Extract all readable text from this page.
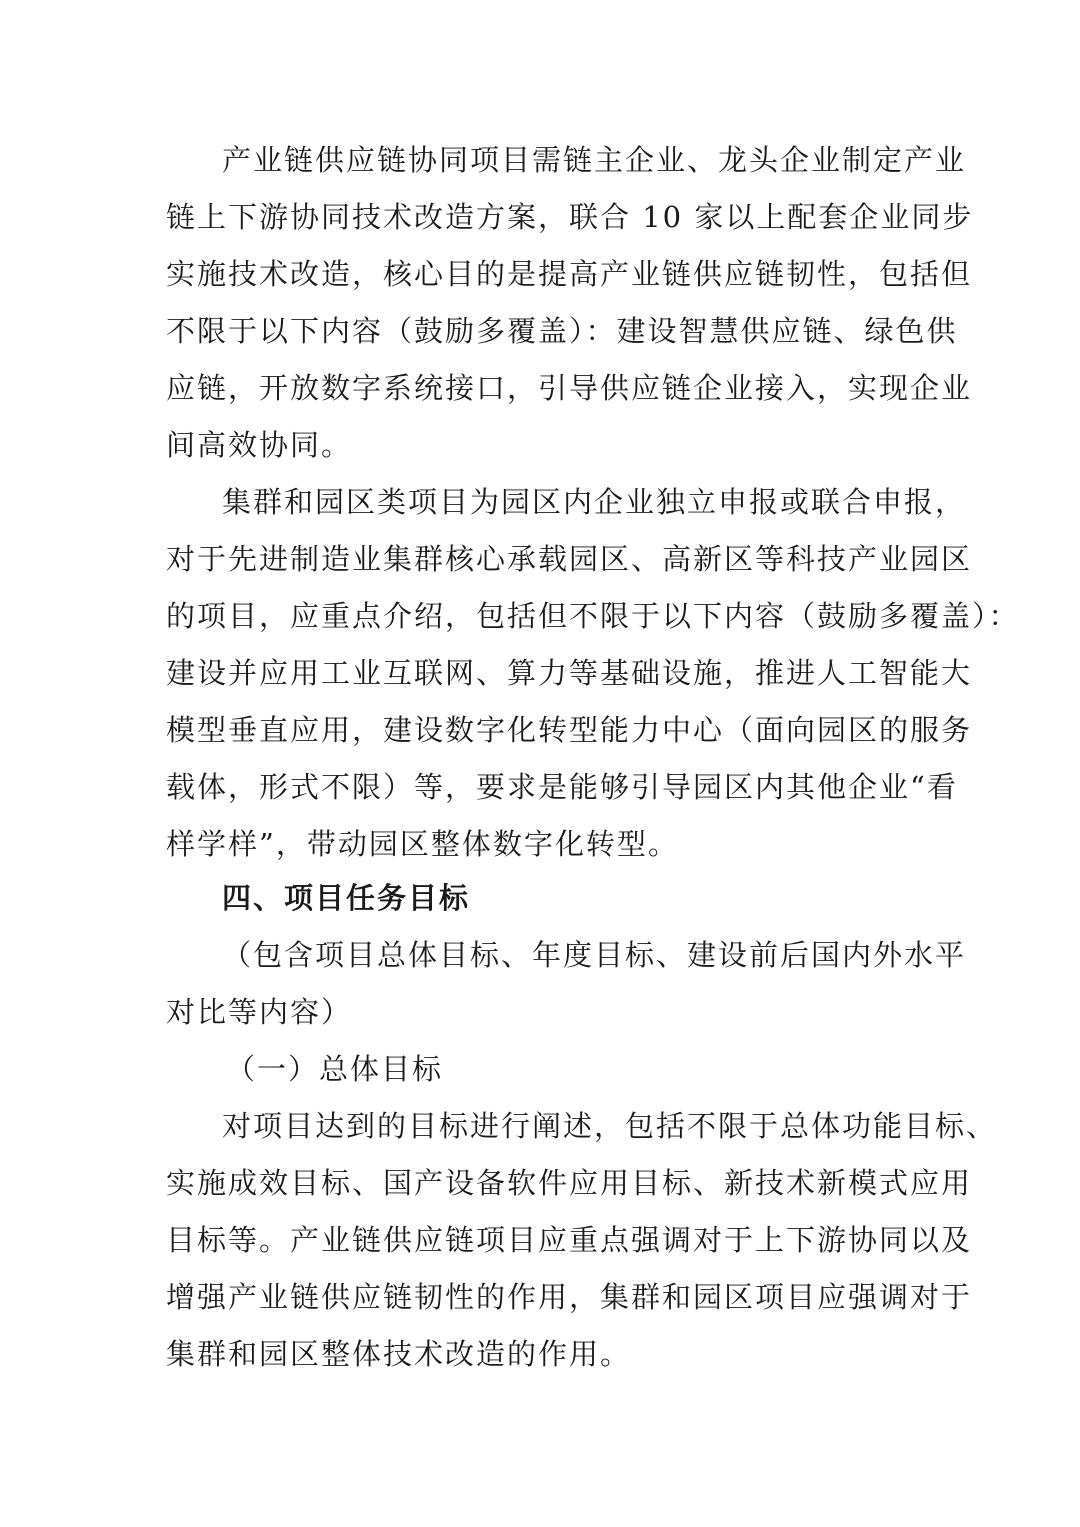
产业链供应链协同项目需链主企业、龙头企业制定产业
链上下游协同技术改造方案，联合 10 家以上配套企业同步
实施技术改造，核心目的是提高产业链供应链韧性，包括但
不限于以下内容（鼓励多覆盖）：建设智慧供应链、绿色供
应链，开放数字系统接口，引导供应链企业接入，实现企业
间高效协同。
集群和园区类项目为园区内企业独立申报或联合申报，
对于先进制造业集群核心承载园区、高新区等科技产业园区
的项目，应重点介绍，包括但不限于以下内容（鼓励多覆盖）：
建设并应用工业互联网、算力等基础设施，推进人工智能大
模型垂直应用，建设数字化转型能力中心（面向园区的服务
载体，形式不限）等，要求是能够引导园区内其他企业“看
样学样”，带动园区整体数字化转型。
四、项目任务目标
（包含项目总体目标、年度目标、建设前后国内外水平
对比等内容）
（一）总体目标
对项目达到的目标进行阐述，包括不限于总体功能目标、
实施成效目标、国产设备软件应用目标、新技术新模式应用
目标等。产业链供应链项目应重点强调对于上下游协同以及
增强产业链供应链韧性的作用，集群和园区项目应强调对于
集群和园区整体技术改造的作用。
